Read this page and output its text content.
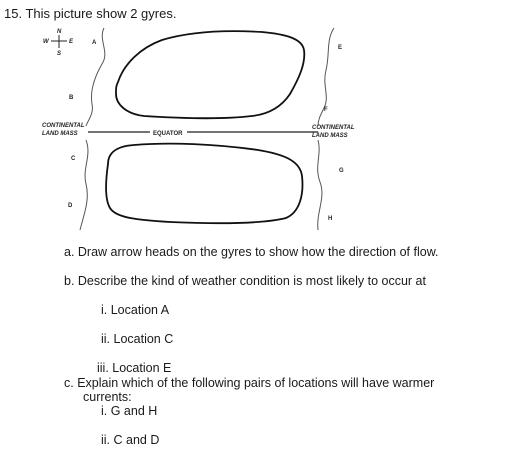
15. This picture show 2 gyres.
N
S
E
W
EQUATOR
CONTINENTAL
LAND MASS
CONTINENTAL
LAND MASS
A
B
C
D
E
F
G
H
a. Draw arrow heads on the gyres to show how the direction of flow.
b. Describe the kind of weather condition is most likely to occur at
i. Location A
ii. Location C
iii. Location E
c. Explain which of the following pairs of locations will have warmer
currents:
i. G and H
ii. C and D
